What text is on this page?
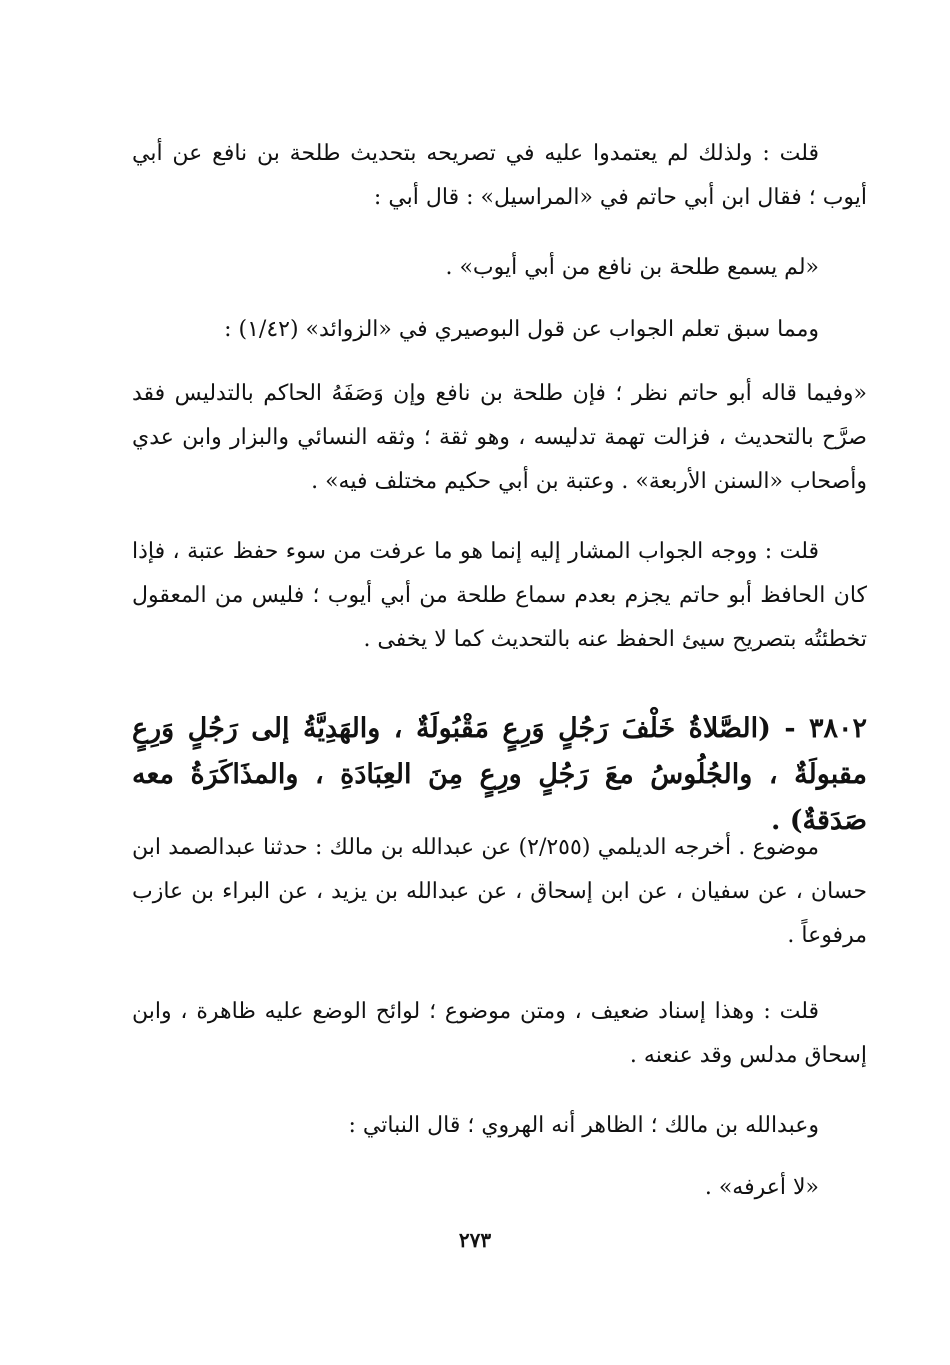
قلت : ولذلك لم يعتمدوا عليه في تصريحه بتحديث طلحة بن نافع عن أبي أيوب ؛ فقال ابن أبي حاتم في «المراسيل» : قال أبي :

«لم يسمع طلحة بن نافع من أبي أيوب» .

ومما سبق تعلم الجواب عن قول البوصيري في «الزوائد» (١/٤٢) :

«وفيما قاله أبو حاتم نظر ؛ فإن طلحة بن نافع وإن وَصَفَهُ الحاكم بالتدليس فقد صرَّح بالتحديث ، فزالت تهمة تدليسه ، وهو ثقة ؛ وثقه النسائي والبزار وابن عدي وأصحاب «السنن الأربعة» . وعتبة بن أبي حكيم مختلف فيه» .

قلت : ووجه الجواب المشار إليه إنما هو ما عرفت من سوء حفظ عتبة ، فإذا كان الحافظ أبو حاتم يجزم بعدم سماع طلحة من أبي أيوب ؛ فليس من المعقول تخطئتُه بتصريح سيئ الحفظ عنه بالتحديث كما لا يخفى .

٣٨٠٢ - (الصَّلاةُ خَلْفَ رَجُلٍ وَرِعٍ مَقْبُولَةٌ ، والهَدِيَّةُ إلى رَجُلٍ وَرِعٍ مقبولَةٌ ، والجُلُوسُ معَ رَجُلٍ ورِعٍ مِنَ العِبَادَةِ ، والمذَاكَرَةُ معه صَدَقةٌ) .

موضوع . أخرجه الديلمي (٢/٢٥٥) عن عبدالله بن مالك : حدثنا عبدالصمد ابن حسان ، عن سفيان ، عن ابن إسحاق ، عن عبدالله بن يزيد ، عن البراء بن عازب مرفوعاً .

قلت : وهذا إسناد ضعيف ، ومتن موضوع ؛ لوائح الوضع عليه ظاهرة ، وابن إسحاق مدلس وقد عنعنه .

وعبدالله بن مالك ؛ الظاهر أنه الهروي ؛ قال النباتي :

«لا أعرفه» .

٢٧٣
